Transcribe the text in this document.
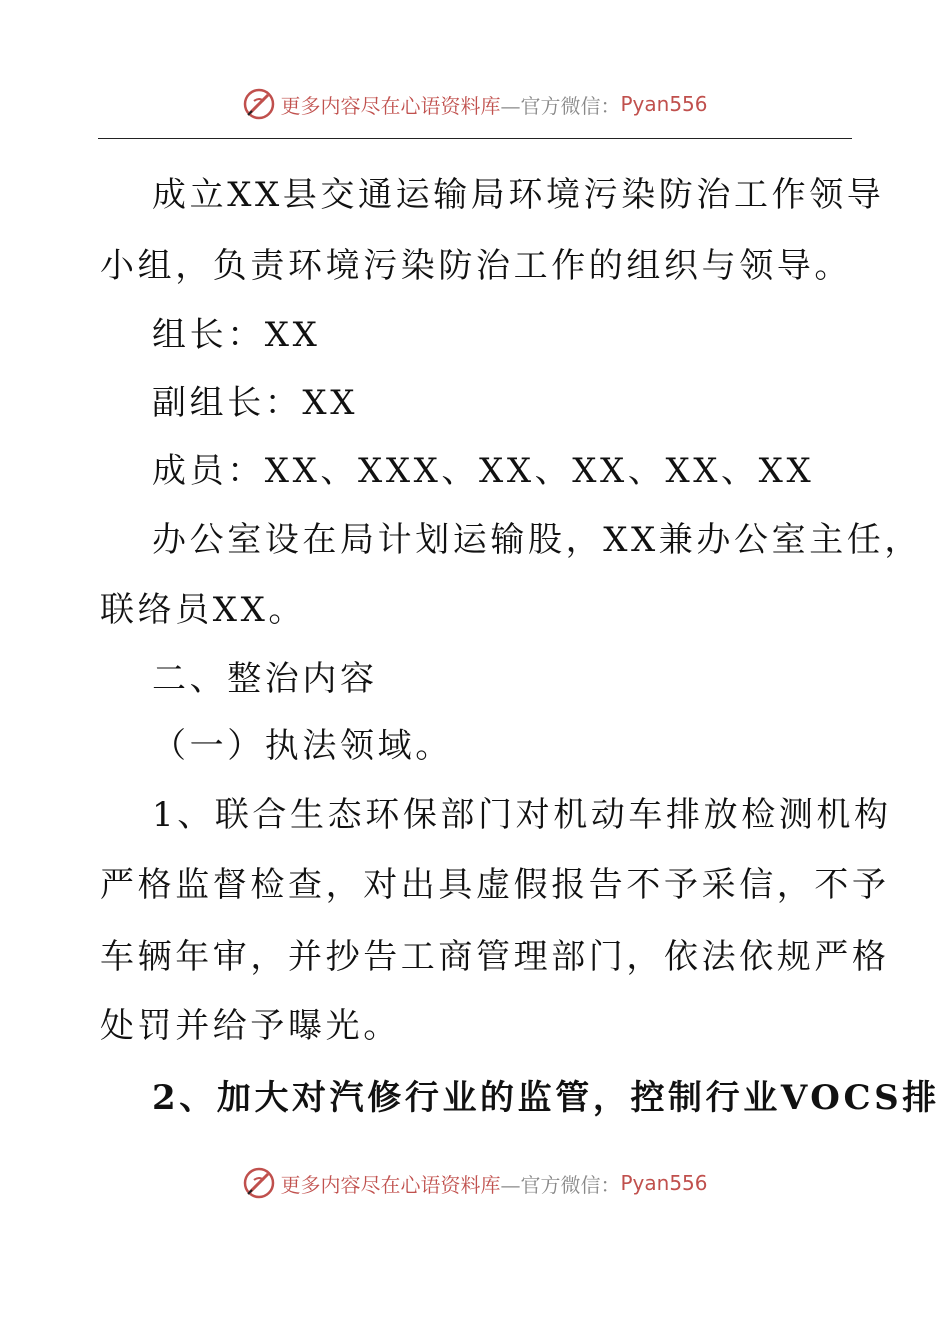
更多内容尽在心语资料库 —官方微信： Pyan556
成立XX县交通运输局环境污染防治工作领导
小组，负责环境污染防治工作的组织与领导。
组长：XX
副组长：XX
成员：XX、XXX、XX、XX、XX、XX
办公室设在局计划运输股，XX兼办公室主任，
联络员XX。
二、整治内容
（一）执法领域。
1、联合生态环保部门对机动车排放检测机构
严格监督检查，对出具虚假报告不予采信，不予
车辆年审，并抄告工商管理部门，依法依规严格
处罚并给予曝光。
2、加大对汽修行业的监管，控制行业VOCS排
更多内容尽在心语资料库 —官方微信： Pyan556
